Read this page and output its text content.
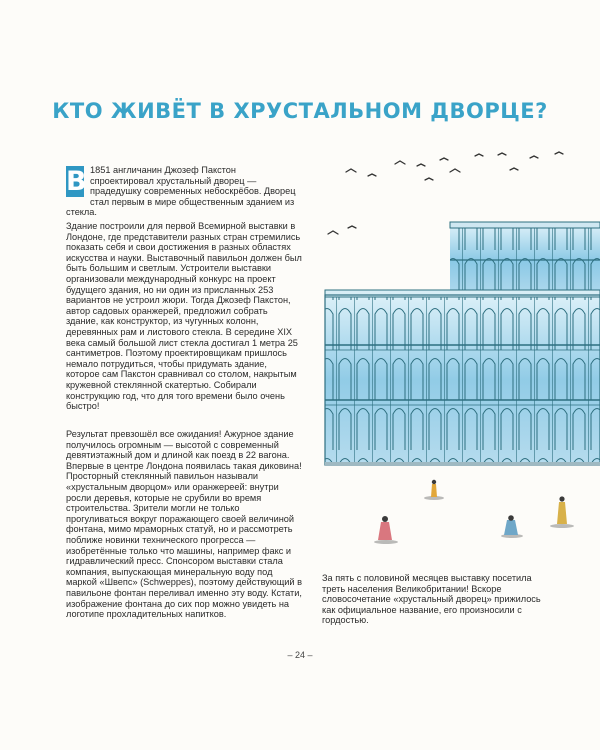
КТО ЖИВЁТ В ХРУСТАЛЬНОМ ДВОРЦЕ?
В 1851 англичанин Джозеф Пакстон спроектировал хрустальный дворец — прадедушку современных небоскрёбов. Дворец стал первым в мире общественным зданием из стекла.
Здание построили для первой Всемирной выставки в Лондоне, где представители разных стран стремились показать себя и свои достижения в разных областях искусства и науки. Выставочный павильон должен был быть большим и светлым. Устроители выставки организовали международный конкурс на проект будущего здания, но ни один из присланных 253 вариантов не устроил жюри. Тогда Джозеф Пакстон, автор садовых оранжерей, предложил собрать здание, как конструктор, из чугунных колонн, деревянных рам и листового стекла. В середине XIX века самый большой лист стекла достигал 1 метра 25 сантиметров. Поэтому проектировщикам пришлось немало потрудиться, чтобы придумать здание, которое сам Пакстон сравнивал со столом, накрытым кружевной стеклянной скатертью. Собирали конструкцию год, что для того времени было очень быстро!
Результат превзошёл все ожидания! Ажурное здание получилось огромным — высотой с современный девятиэтажный дом и длиной как поезд в 22 вагона. Впервые в центре Лондона появилась такая диковина! Просторный стеклянный павильон называли «хрустальным дворцом» или оранжереей: внутри росли деревья, которые не срубили во время строительства. Зрители могли не только прогуливаться вокруг поражающего своей величиной фонтана, мимо мраморных статуй, но и рассмотреть поближе новинки технического прогресса — изобретённые только что машины, например факс и гидравлический пресс. Спонсором выставки стала компания, выпускающая минеральную воду под маркой «Швепс» (Schweppes), поэтому действующий в павильоне фонтан переливал именно эту воду. Кстати, изображение фонтана до сих пор можно увидеть на логотипе прохладительных напитков.
За пять с половиной месяцев выставку посетила треть населения Великобритании! Вскоре словосочетание «хрустальный дворец» прижилось как официальное название, его произносили с гордостью.
– 24 –
